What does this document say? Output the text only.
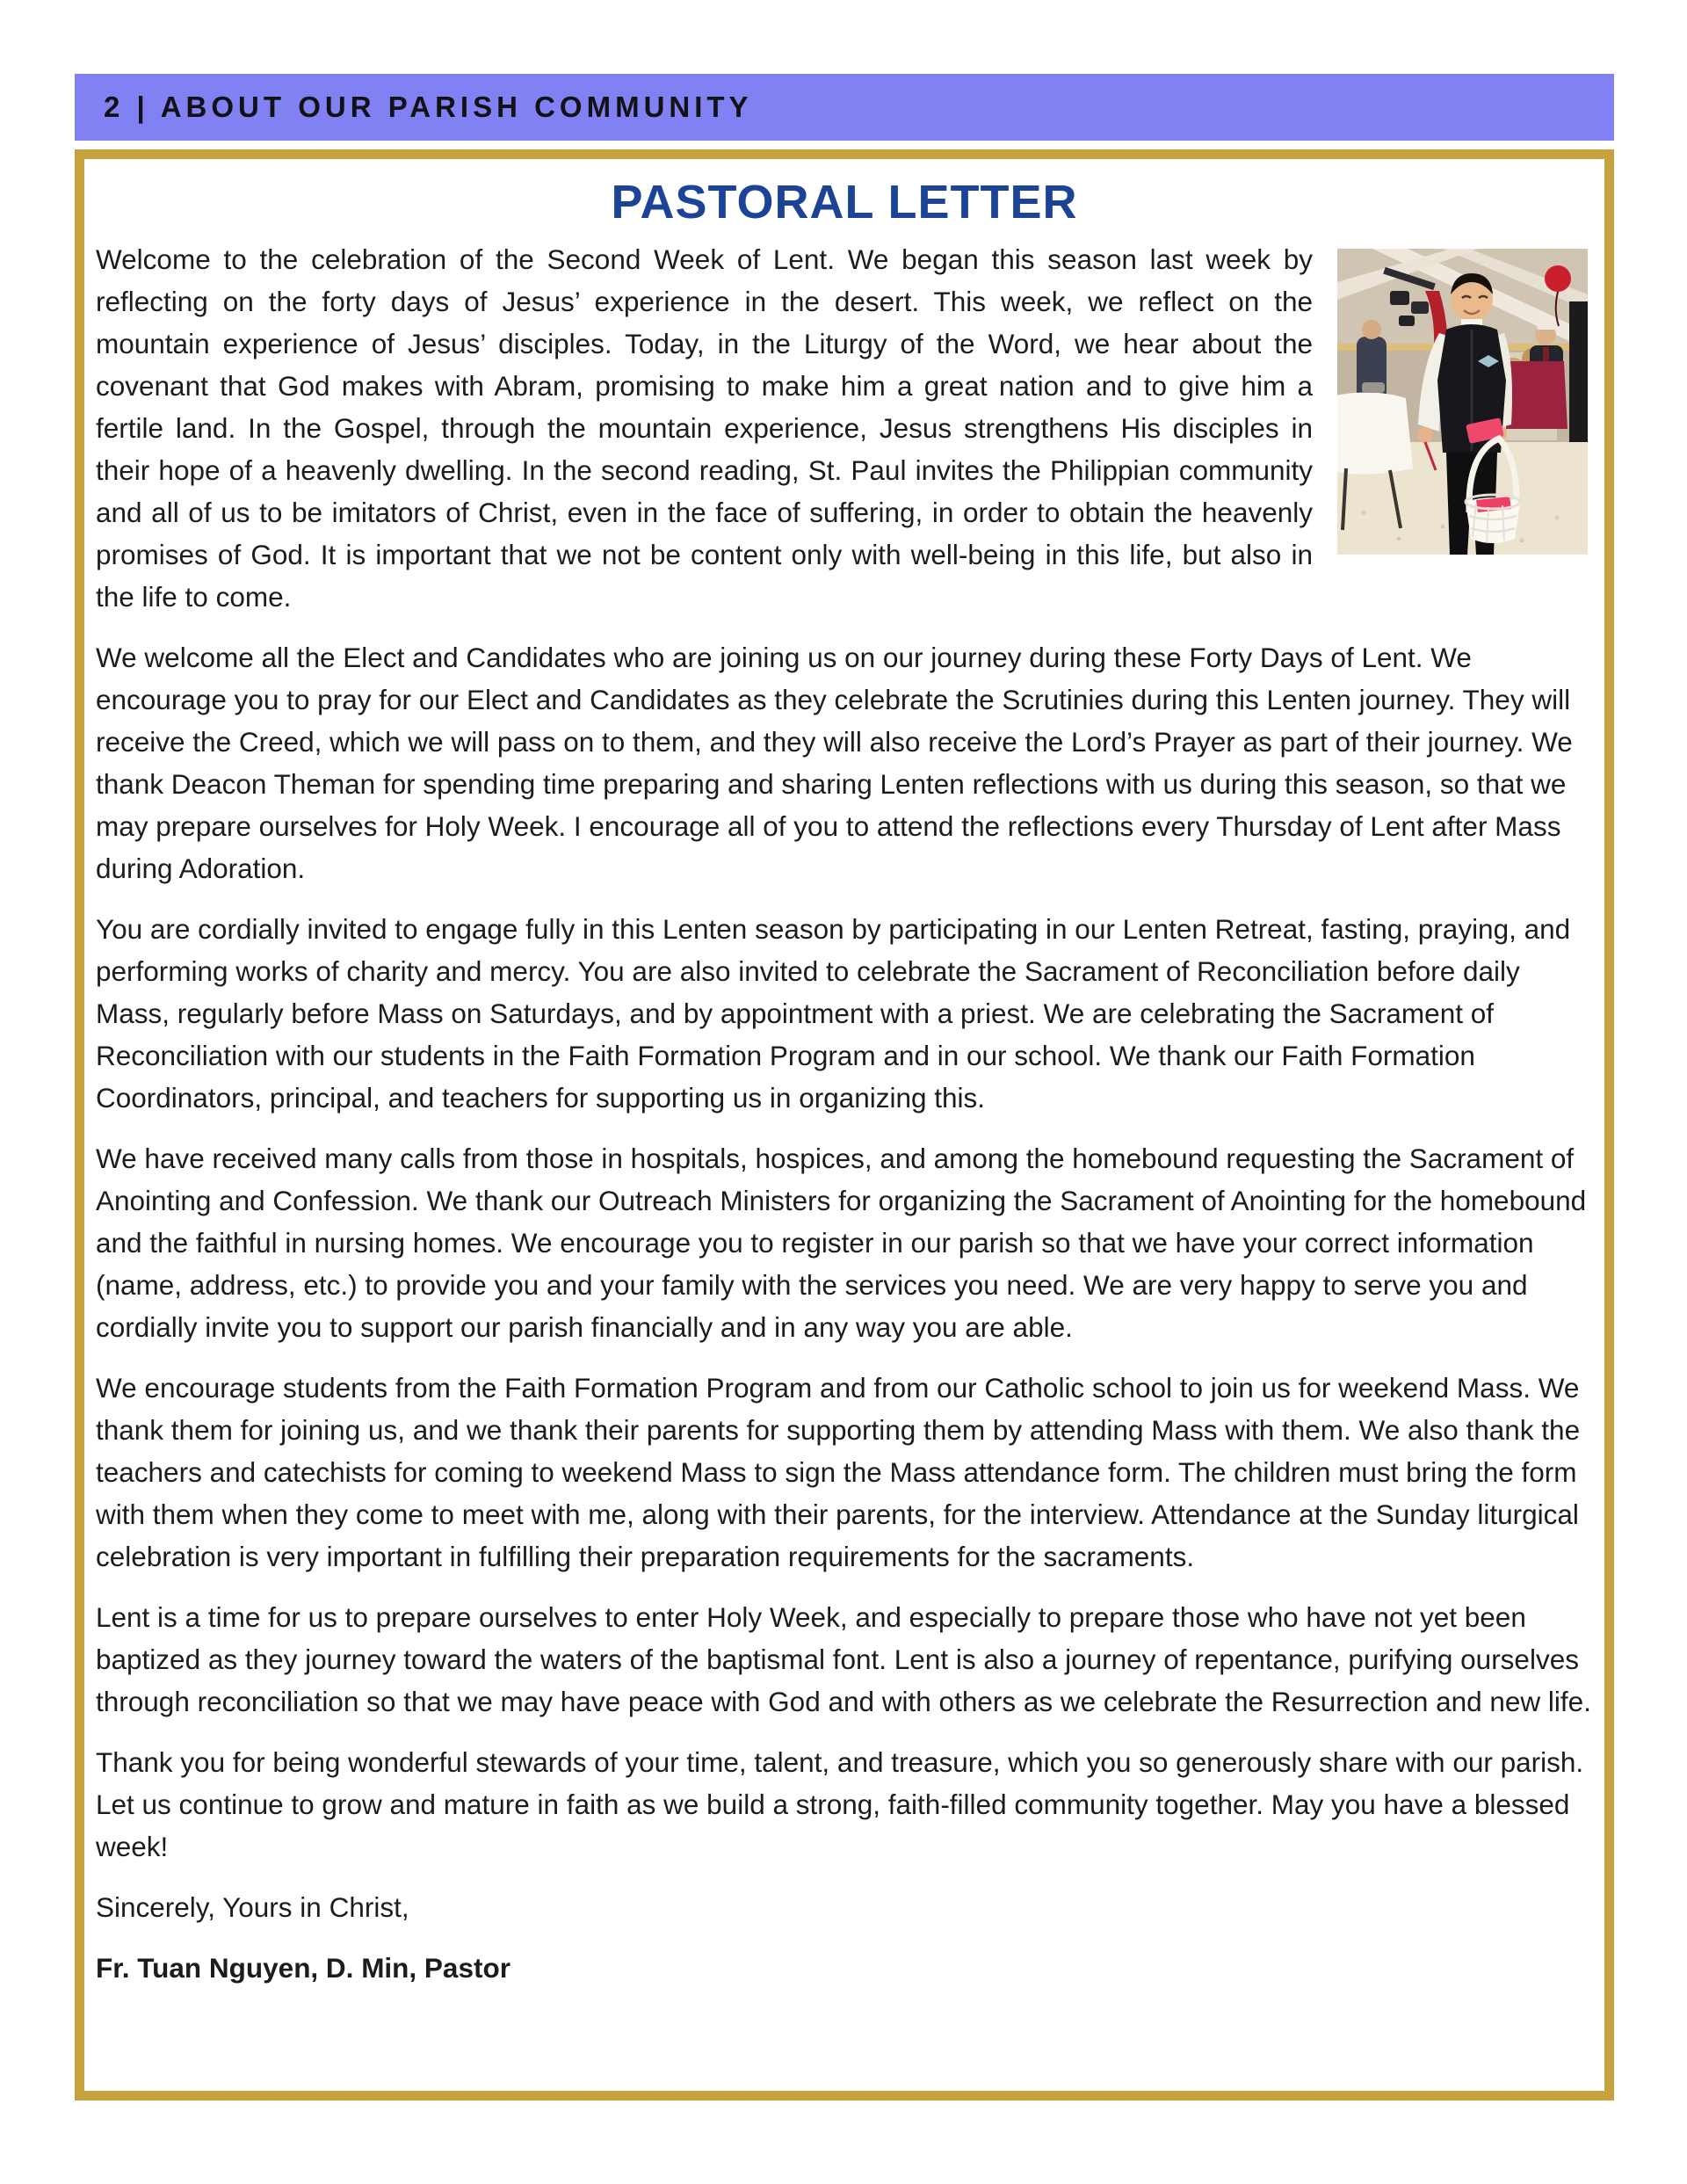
2 | ABOUT OUR PARISH COMMUNITY
PASTORAL LETTER

Welcome to the celebration of the Second Week of Lent. We began this season last week by reflecting on the forty days of Jesus’ experience in the desert. This week, we reflect on the mountain experience of Jesus’ disciples. Today, in the Liturgy of the Word, we hear about the covenant that God makes with Abram, promising to make him a great nation and to give him a fertile land. In the Gospel, through the mountain experience, Jesus strengthens His disciples in their hope of a heavenly dwelling. In the second reading, St. Paul invites the Philippian community and all of us to be imitators of Christ, even in the face of suffering, in order to obtain the heavenly promises of God. It is important that we not be content only with well-being in this life, but also in the life to come.

We welcome all the Elect and Candidates who are joining us on our journey during these Forty Days of Lent. We encourage you to pray for our Elect and Candidates as they celebrate the Scrutinies during this Lenten journey. They will receive the Creed, which we will pass on to them, and they will also receive the Lord’s Prayer as part of their journey. We thank Deacon Theman for spending time preparing and sharing Lenten reflections with us during this season, so that we may prepare ourselves for Holy Week. I encourage all of you to attend the reflections every Thursday of Lent after Mass during Adoration.

You are cordially invited to engage fully in this Lenten season by participating in our Lenten Retreat, fasting, praying, and performing works of charity and mercy. You are also invited to celebrate the Sacrament of Reconciliation before daily Mass, regularly before Mass on Saturdays, and by appointment with a priest. We are celebrating the Sacrament of Reconciliation with our students in the Faith Formation Program and in our school. We thank our Faith Formation Coordinators, principal, and teachers for supporting us in organizing this.

We have received many calls from those in hospitals, hospices, and among the homebound requesting the Sacrament of Anointing and Confession. We thank our Outreach Ministers for organizing the Sacrament of Anointing for the homebound and the faithful in nursing homes. We encourage you to register in our parish so that we have your correct information (name, address, etc.) to provide you and your family with the services you need. We are very happy to serve you and cordially invite you to support our parish financially and in any way you are able.

We encourage students from the Faith Formation Program and from our Catholic school to join us for weekend Mass. We thank them for joining us, and we thank their parents for supporting them by attending Mass with them. We also thank the teachers and catechists for coming to weekend Mass to sign the Mass attendance form. The children must bring the form with them when they come to meet with me, along with their parents, for the interview. Attendance at the Sunday liturgical celebration is very important in fulfilling their preparation requirements for the sacraments.

Lent is a time for us to prepare ourselves to enter Holy Week, and especially to prepare those who have not yet been baptized as they journey toward the waters of the baptismal font. Lent is also a journey of repentance, purifying ourselves through reconciliation so that we may have peace with God and with others as we celebrate the Resurrection and new life.

Thank you for being wonderful stewards of your time, talent, and treasure, which you so generously share with our parish. Let us continue to grow and mature in faith as we build a strong, faith-filled community together. May you have a blessed week!

Sincerely, Yours in Christ,

Fr. Tuan Nguyen, D. Min, Pastor
